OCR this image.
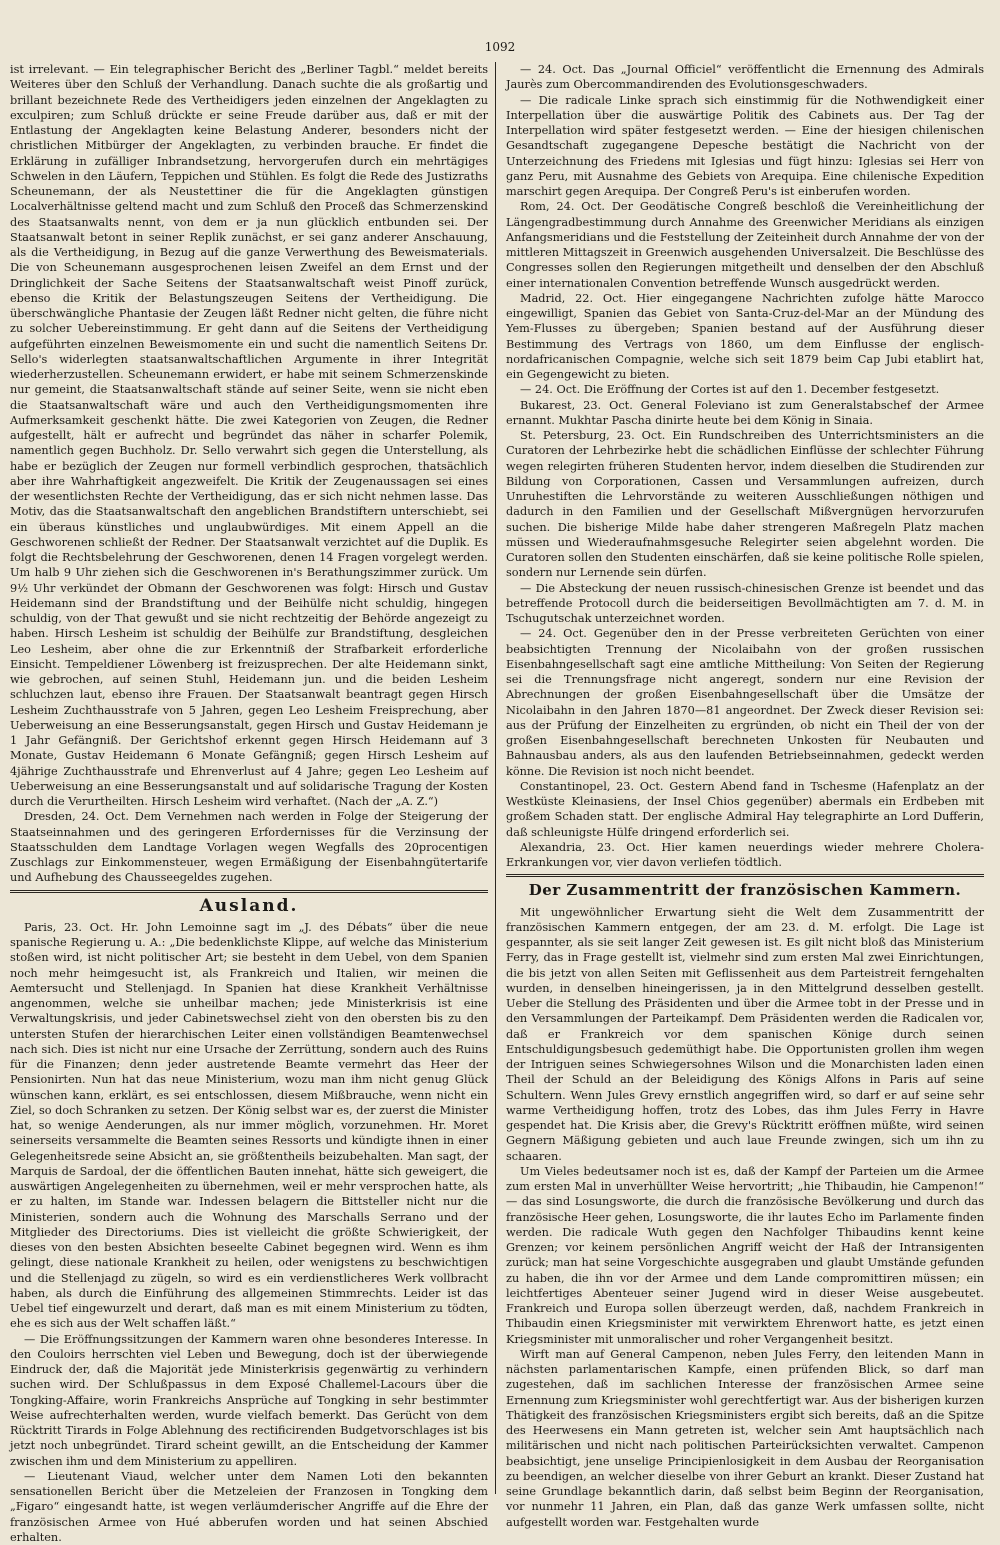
1092

ist irrelevant. — Ein telegraphischer Bericht des „Berliner Tagbl.“ meldet bereits Weiteres über den Schluß der Verhandlung. Danach suchte die als großartig und brillant bezeichnete Rede des Vertheidigers jeden einzelnen der Angeklagten zu exculpiren; zum Schluß drückte er seine Freude darüber aus, daß er mit der Entlastung der Angeklagten keine Belastung Anderer, besonders nicht der christlichen Mitbürger der Angeklagten, zu verbinden brauche. Er findet die Erklärung in zufälliger Inbrandsetzung, hervorgerufen durch ein mehrtägiges Schwelen in den Läufern, Teppichen und Stühlen. Es folgt die Rede des Justizraths Scheunemann, der als Neustettiner die für die Angeklagten günstigen Localverhältnisse geltend macht und zum Schluß den Proceß das Schmerzenskind des Staatsanwalts nennt, von dem er ja nun glücklich entbunden sei. Der Staatsanwalt betont in seiner Replik zunächst, er sei ganz anderer Anschauung, als die Vertheidigung, in Bezug auf die ganze Verwerthung des Beweismaterials. Die von Scheunemann ausgesprochenen leisen Zweifel an dem Ernst und der Dringlichkeit der Sache Seitens der Staatsanwaltschaft weist Pinoff zurück, ebenso die Kritik der Belastungszeugen Seitens der Vertheidigung. Die überschwängliche Phantasie der Zeugen läßt Redner nicht gelten, die führe nicht zu solcher Uebereinstimmung. Er geht dann auf die Seitens der Vertheidigung aufgeführten einzelnen Beweismomente ein und sucht die namentlich Seitens Dr. Sello's widerlegten staatsanwaltschaftlichen Argumente in ihrer Integrität wiederherzustellen. Scheunemann erwidert, er habe mit seinem Schmerzenskinde nur gemeint, die Staatsanwaltschaft stände auf seiner Seite, wenn sie nicht eben die Staatsanwaltschaft wäre und auch den Vertheidigungsmomenten ihre Aufmerksamkeit geschenkt hätte. Die zwei Kategorien von Zeugen, die Redner aufgestellt, hält er aufrecht und begründet das näher in scharfer Polemik, namentlich gegen Buchholz. Dr. Sello verwahrt sich gegen die Unterstellung, als habe er bezüglich der Zeugen nur formell verbindlich gesprochen, thatsächlich aber ihre Wahrhaftigkeit angezweifelt. Die Kritik der Zeugenaussagen sei eines der wesentlichsten Rechte der Vertheidigung, das er sich nicht nehmen lasse. Das Motiv, das die Staatsanwaltschaft den angeblichen Brandstiftern unterschiebt, sei ein überaus künstliches und unglaubwürdiges. Mit einem Appell an die Geschworenen schließt der Redner. Der Staatsanwalt verzichtet auf die Duplik. Es folgt die Rechtsbelehrung der Geschworenen, denen 14 Fragen vorgelegt werden. Um halb 9 Uhr ziehen sich die Geschworenen in's Berathungszimmer zurück. Um 9½ Uhr verkündet der Obmann der Geschworenen was folgt: Hirsch und Gustav Heidemann sind der Brandstiftung und der Beihülfe nicht schuldig, hingegen schuldig, von der That gewußt und sie nicht rechtzeitig der Behörde angezeigt zu haben. Hirsch Lesheim ist schuldig der Beihülfe zur Brandstiftung, desgleichen Leo Lesheim, aber ohne die zur Erkenntniß der Strafbarkeit erforderliche Einsicht. Tempeldiener Löwenberg ist freizusprechen. Der alte Heidemann sinkt, wie gebrochen, auf seinen Stuhl, Heidemann jun. und die beiden Lesheim schluchzen laut, ebenso ihre Frauen. Der Staatsanwalt beantragt gegen Hirsch Lesheim Zuchthausstrafe von 5 Jahren, gegen Leo Lesheim Freisprechung, aber Ueberweisung an eine Besserungsanstalt, gegen Hirsch und Gustav Heidemann je 1 Jahr Gefängniß. Der Gerichtshof erkennt gegen Hirsch Heidemann auf 3 Monate, Gustav Heidemann 6 Monate Gefängniß; gegen Hirsch Lesheim auf 4jährige Zuchthausstrafe und Ehrenverlust auf 4 Jahre; gegen Leo Lesheim auf Ueberweisung an eine Besserungsanstalt und auf solidarische Tragung der Kosten durch die Verurtheilten. Hirsch Lesheim wird verhaftet. (Nach der „A. Z.“)

Dresden, 24. Oct. Dem Vernehmen nach werden in Folge der Steigerung der Staatseinnahmen und des geringeren Erfordernisses für die Verzinsung der Staatsschulden dem Landtage Vorlagen wegen Wegfalls des 20procentigen Zuschlags zur Einkommensteuer, wegen Ermäßigung der Eisenbahngütertarife und Aufhebung des Chausseegeldes zugehen.

Ausland.

Paris, 23. Oct. Hr. John Lemoinne sagt im „J. des Débats“ über die neue spanische Regierung u. A.: „Die bedenklichste Klippe, auf welche das Ministerium stoßen wird, ist nicht politischer Art; sie besteht in dem Uebel, von dem Spanien noch mehr heimgesucht ist, als Frankreich und Italien, wir meinen die Aemtersucht und Stellenjagd. In Spanien hat diese Krankheit Verhältnisse angenommen, welche sie unheilbar machen; jede Ministerkrisis ist eine Verwaltungskrisis, und jeder Cabinetswechsel zieht von den obersten bis zu den untersten Stufen der hierarchischen Leiter einen vollständigen Beamtenwechsel nach sich. Dies ist nicht nur eine Ursache der Zerrüttung, sondern auch des Ruins für die Finanzen; denn jeder austretende Beamte vermehrt das Heer der Pensionirten. Nun hat das neue Ministerium, wozu man ihm nicht genug Glück wünschen kann, erklärt, es sei entschlossen, diesem Mißbrauche, wenn nicht ein Ziel, so doch Schranken zu setzen. Der König selbst war es, der zuerst die Minister hat, so wenige Aenderungen, als nur immer möglich, vorzunehmen. Hr. Moret seinerseits versammelte die Beamten seines Ressorts und kündigte ihnen in einer Gelegenheitsrede seine Absicht an, sie größtentheils beizubehalten. Man sagt, der Marquis de Sardoal, der die öffentlichen Bauten innehat, hätte sich geweigert, die auswärtigen Angelegenheiten zu übernehmen, weil er mehr versprochen hatte, als er zu halten, im Stande war. Indessen belagern die Bittsteller nicht nur die Ministerien, sondern auch die Wohnung des Marschalls Serrano und der Mitglieder des Directoriums. Dies ist vielleicht die größte Schwierigkeit, der dieses von den besten Absichten beseelte Cabinet begegnen wird. Wenn es ihm gelingt, diese nationale Krankheit zu heilen, oder wenigstens zu beschwichtigen und die Stellenjagd zu zügeln, so wird es ein verdienstlicheres Werk vollbracht haben, als durch die Einführung des allgemeinen Stimmrechts. Leider ist das Uebel tief eingewurzelt und derart, daß man es mit einem Ministerium zu tödten, ehe es sich aus der Welt schaffen läßt.“

— Die Eröffnungssitzungen der Kammern waren ohne besonderes Interesse. In den Couloirs herrschten viel Leben und Bewegung, doch ist der überwiegende Eindruck der, daß die Majorität jede Ministerkrisis gegenwärtig zu verhindern suchen wird. Der Schlußpassus in dem Exposé Challemel-Lacours über die Tongking-Affaire, worin Frankreichs Ansprüche auf Tongking in sehr bestimmter Weise aufrechterhalten werden, wurde vielfach bemerkt. Das Gerücht von dem Rücktritt Tirards in Folge Ablehnung des rectificirenden Budgetvorschlages ist bis jetzt noch unbegründet. Tirard scheint gewillt, an die Entscheidung der Kammer zwischen ihm und dem Ministerium zu appelliren.

— Lieutenant Viaud, welcher unter dem Namen Loti den bekannten sensationellen Bericht über die Metzeleien der Franzosen in Tongking dem „Figaro“ eingesandt hatte, ist wegen verläumderischer Angriffe auf die Ehre der französischen Armee von Hué abberufen worden und hat seinen Abschied erhalten.

— 24. Oct. Das „Journal Officiel“ veröffentlicht die Ernennung des Admirals Jaurès zum Obercommandirenden des Evolutionsgeschwaders.

— Die radicale Linke sprach sich einstimmig für die Nothwendigkeit einer Interpellation über die auswärtige Politik des Cabinets aus. Der Tag der Interpellation wird später festgesetzt werden. — Eine der hiesigen chilenischen Gesandtschaft zugegangene Depesche bestätigt die Nachricht von der Unterzeichnung des Friedens mit Iglesias und fügt hinzu: Iglesias sei Herr von ganz Peru, mit Ausnahme des Gebiets von Arequipa. Eine chilenische Expedition marschirt gegen Arequipa. Der Congreß Peru's ist einberufen worden.

Rom, 24. Oct. Der Geodätische Congreß beschloß die Vereinheitlichung der Längengradbestimmung durch Annahme des Greenwicher Meridians als einzigen Anfangsmeridians und die Feststellung der Zeiteinheit durch Annahme der von der mittleren Mittagszeit in Greenwich ausgehenden Universalzeit. Die Beschlüsse des Congresses sollen den Regierungen mitgetheilt und denselben der den Abschluß einer internationalen Convention betreffende Wunsch ausgedrückt werden.

Madrid, 22. Oct. Hier eingegangene Nachrichten zufolge hätte Marocco eingewilligt, Spanien das Gebiet von Santa-Cruz-del-Mar an der Mündung des Yem-Flusses zu übergeben; Spanien bestand auf der Ausführung dieser Bestimmung des Vertrags von 1860, um dem Einflusse der englisch-nordafricanischen Compagnie, welche sich seit 1879 beim Cap Jubi etablirt hat, ein Gegengewicht zu bieten.

— 24. Oct. Die Eröffnung der Cortes ist auf den 1. December festgesetzt.

Bukarest, 23. Oct. General Foleviano ist zum Generalstabschef der Armee ernannt. Mukhtar Pascha dinirte heute bei dem König in Sinaia.

St. Petersburg, 23. Oct. Ein Rundschreiben des Unterrichtsministers an die Curatoren der Lehrbezirke hebt die schädlichen Einflüsse der schlechter Führung wegen relegirten früheren Studenten hervor, indem dieselben die Studirenden zur Bildung von Corporationen, Cassen und Versammlungen aufreizen, durch Unruhestiften die Lehrvorstände zu weiteren Ausschließungen nöthigen und dadurch in den Familien und der Gesellschaft Mißvergnügen hervorzurufen suchen. Die bisherige Milde habe daher strengeren Maßregeln Platz machen müssen und Wiederaufnahmsgesuche Relegirter seien abgelehnt worden. Die Curatoren sollen den Studenten einschärfen, daß sie keine politische Rolle spielen, sondern nur Lernende sein dürfen.

— Die Absteckung der neuen russisch-chinesischen Grenze ist beendet und das betreffende Protocoll durch die beiderseitigen Bevollmächtigten am 7. d. M. in Tschugutschak unterzeichnet worden.

— 24. Oct. Gegenüber den in der Presse verbreiteten Gerüchten von einer beabsichtigten Trennung der Nicolaibahn von der großen russischen Eisenbahngesellschaft sagt eine amtliche Mittheilung: Von Seiten der Regierung sei die Trennungsfrage nicht angeregt, sondern nur eine Revision der Abrechnungen der großen Eisenbahngesellschaft über die Umsätze der Nicolaibahn in den Jahren 1870—81 angeordnet. Der Zweck dieser Revision sei: aus der Prüfung der Einzelheiten zu ergründen, ob nicht ein Theil der von der großen Eisenbahngesellschaft berechneten Unkosten für Neubauten und Bahnausbau anders, als aus den laufenden Betriebseinnahmen, gedeckt werden könne. Die Revision ist noch nicht beendet.

Constantinopel, 23. Oct. Gestern Abend fand in Tschesme (Hafenplatz an der Westküste Kleinasiens, der Insel Chios gegenüber) abermals ein Erdbeben mit großem Schaden statt. Der englische Admiral Hay telegraphirte an Lord Dufferin, daß schleunigste Hülfe dringend erforderlich sei.

Alexandria, 23. Oct. Hier kamen neuerdings wieder mehrere Cholera-Erkrankungen vor, vier davon verliefen tödtlich.

Der Zusammentritt der französischen Kammern.

Mit ungewöhnlicher Erwartung sieht die Welt dem Zusammentritt der französischen Kammern entgegen, der am 23. d. M. erfolgt. Die Lage ist gespannter, als sie seit langer Zeit gewesen ist. Es gilt nicht bloß das Ministerium Ferry, das in Frage gestellt ist, vielmehr sind zum ersten Mal zwei Einrichtungen, die bis jetzt von allen Seiten mit Geflissenheit aus dem Parteistreit ferngehalten wurden, in denselben hineingerissen, ja in den Mittelgrund desselben gestellt. Ueber die Stellung des Präsidenten und über die Armee tobt in der Presse und in den Versammlungen der Parteikampf. Dem Präsidenten werden die Radicalen vor, daß er Frankreich vor dem spanischen Könige durch seinen Entschuldigungsbesuch gedemüthigt habe. Die Opportunisten grollen ihm wegen der Intriguen seines Schwiegersohnes Wilson und die Monarchisten laden einen Theil der Schuld an der Beleidigung des Königs Alfons in Paris auf seine Schultern. Wenn Jules Grevy ernstlich angegriffen wird, so darf er auf seine sehr warme Vertheidigung hoffen, trotz des Lobes, das ihm Jules Ferry in Havre gespendet hat. Die Krisis aber, die Grevy's Rücktritt eröffnen müßte, wird seinen Gegnern Mäßigung gebieten und auch laue Freunde zwingen, sich um ihn zu schaaren.

Um Vieles bedeutsamer noch ist es, daß der Kampf der Parteien um die Armee zum ersten Mal in unverhüllter Weise hervortritt; „hie Thibaudin, hie Campenon!“ — das sind Losungsworte, die durch die französische Bevölkerung und durch das französische Heer gehen, Losungsworte, die ihr lautes Echo im Parlamente finden werden. Die radicale Wuth gegen den Nachfolger Thibaudins kennt keine Grenzen; vor keinem persönlichen Angriff weicht der Haß der Intransigenten zurück; man hat seine Vorgeschichte ausgegraben und glaubt Umstände gefunden zu haben, die ihn vor der Armee und dem Lande compromittiren müssen; ein leichtfertiges Abenteuer seiner Jugend wird in dieser Weise ausgebeutet. Frankreich und Europa sollen überzeugt werden, daß, nachdem Frankreich in Thibaudin einen Kriegsminister mit verwirktem Ehrenwort hatte, es jetzt einen Kriegsminister mit unmoralischer und roher Vergangenheit besitzt.

Wirft man auf General Campenon, neben Jules Ferry, den leitenden Mann in nächsten parlamentarischen Kampfe, einen prüfenden Blick, so darf man zugestehen, daß im sachlichen Interesse der französischen Armee seine Ernennung zum Kriegsminister wohl gerechtfertigt war. Aus der bisherigen kurzen Thätigkeit des französischen Kriegsministers ergibt sich bereits, daß an die Spitze des Heerwesens ein Mann getreten ist, welcher sein Amt hauptsächlich nach militärischen und nicht nach politischen Parteirücksichten verwaltet. Campenon beabsichtigt, jene unselige Principienlosigkeit in dem Ausbau der Reorganisation zu beendigen, an welcher dieselbe von ihrer Geburt an krankt. Dieser Zustand hat seine Grundlage bekanntlich darin, daß selbst beim Beginn der Reorganisation, vor nunmehr 11 Jahren, ein Plan, daß das ganze Werk umfassen sollte, nicht aufgestellt worden war. Festgehalten wurde
